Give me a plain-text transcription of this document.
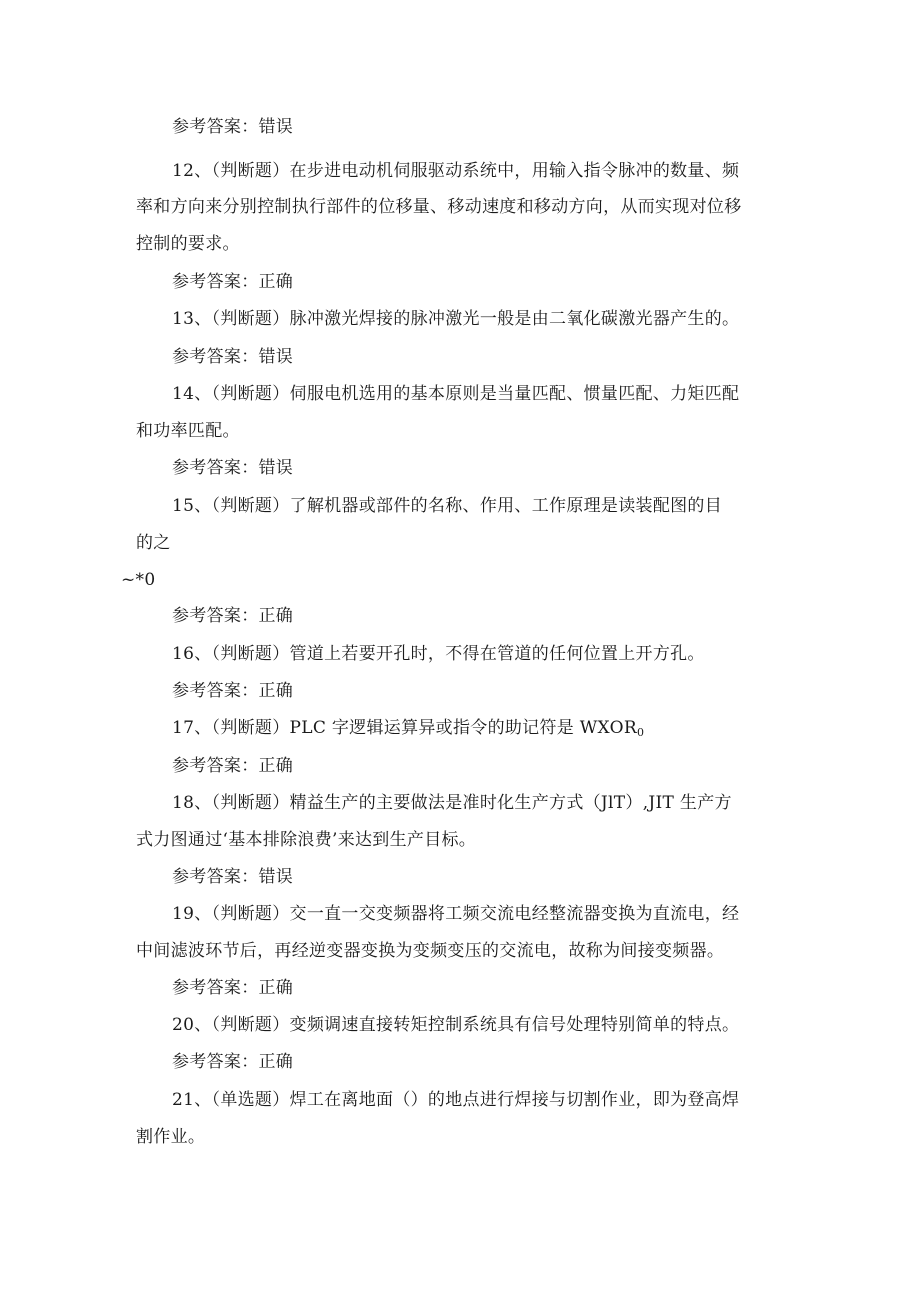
参考答案：错误
12、（判断题）在步进电动机伺服驱动系统中，用输入指令脉冲的数量、频
率和方向来分别控制执行部件的位移量、移动速度和移动方向，从而实现对位移
控制的要求。
参考答案：正确
13、（判断题）脉冲激光焊接的脉冲激光一般是由二氧化碳激光器产生的。
参考答案：错误
14、（判断题）伺服电机选用的基本原则是当量匹配、惯量匹配、力矩匹配
和功率匹配。
参考答案：错误
15、（判断题）了解机器或部件的名称、作用、工作原理是读装配图的目
的之
~*0
参考答案：正确
16、（判断题）管道上若要开孔时，不得在管道的任何位置上开方孔。
参考答案：正确
17、（判断题）PLC 字逻辑运算异或指令的助记符是 $WXOR_0$
参考答案：正确
18、（判断题）精益生产的主要做法是准时化生产方式（JlT）,JIT 生产方
式力图通过‘基本排除浪费’来达到生产目标。
参考答案：错误
19、（判断题）交一直一交变频器将工频交流电经整流器变换为直流电，经
中间滤波环节后，再经逆变器变换为变频变压的交流电，故称为间接变频器。
参考答案：正确
20、（判断题）变频调速直接转矩控制系统具有信号处理特别简单的特点。
参考答案：正确
21、（单选题）焊工在离地面（）的地点进行焊接与切割作业，即为登高焊
割作业。
